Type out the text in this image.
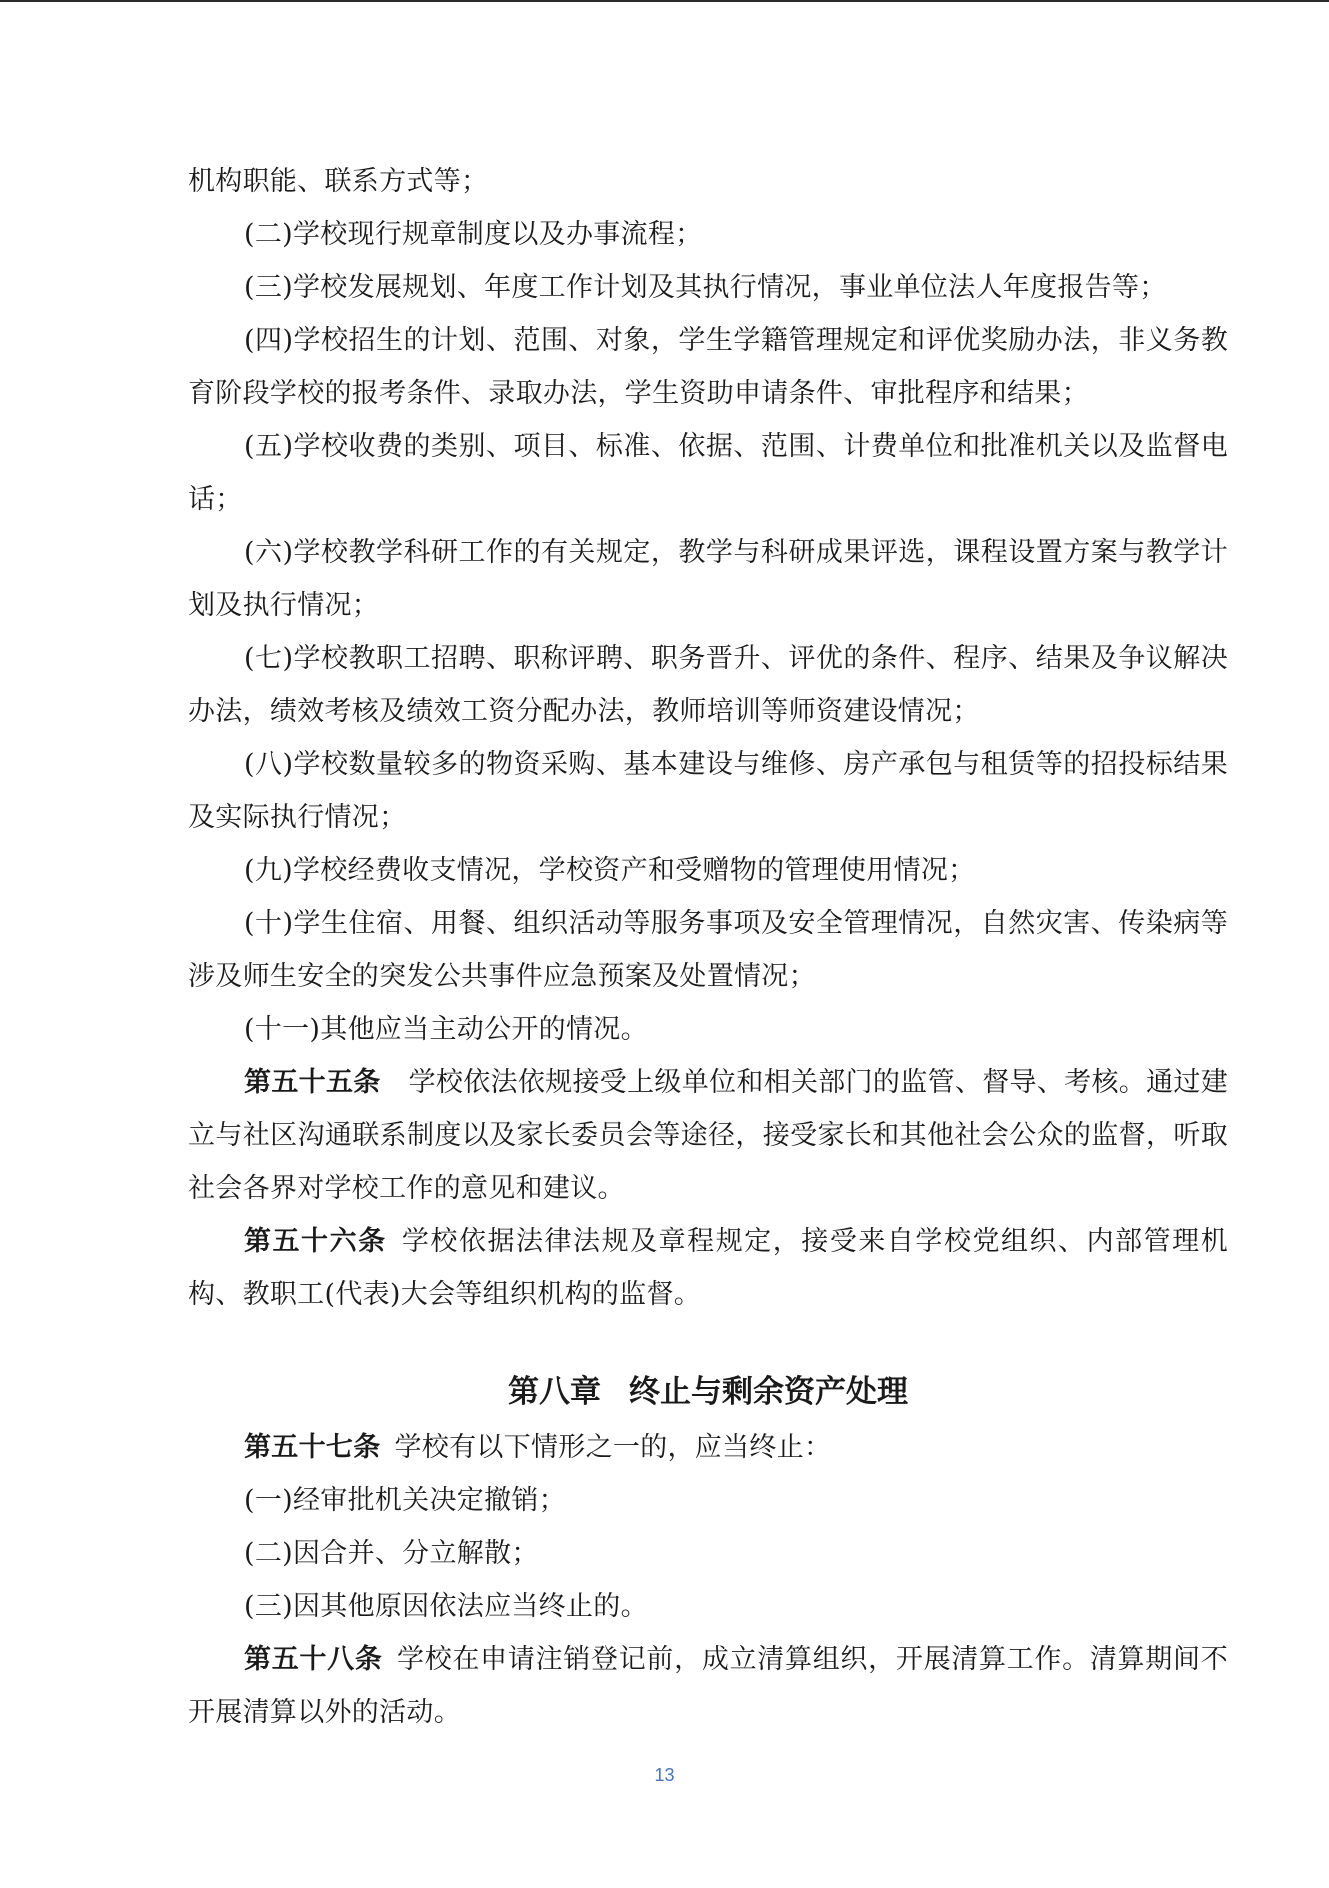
机构职能、联系方式等；

(二)学校现行规章制度以及办事流程；

(三)学校发展规划、年度工作计划及其执行情况，事业单位法人年度报告等；

(四)学校招生的计划、范围、对象，学生学籍管理规定和评优奖励办法，非义务教育阶段学校的报考条件、录取办法，学生资助申请条件、审批程序和结果；

(五)学校收费的类别、项目、标准、依据、范围、计费单位和批准机关以及监督电话；

(六)学校教学科研工作的有关规定，教学与科研成果评选，课程设置方案与教学计划及执行情况；

(七)学校教职工招聘、职称评聘、职务晋升、评优的条件、程序、结果及争议解决办法，绩效考核及绩效工资分配办法，教师培训等师资建设情况；

(八)学校数量较多的物资采购、基本建设与维修、房产承包与租赁等的招投标结果及实际执行情况；

(九)学校经费收支情况，学校资产和受赠物的管理使用情况；

(十)学生住宿、用餐、组织活动等服务事项及安全管理情况，自然灾害、传染病等涉及师生安全的突发公共事件应急预案及处置情况；

(十一)其他应当主动公开的情况。

第五十五条 学校依法依规接受上级单位和相关部门的监管、督导、考核。通过建立与社区沟通联系制度以及家长委员会等途径，接受家长和其他社会公众的监督，听取社会各界对学校工作的意见和建议。

第五十六条 学校依据法律法规及章程规定，接受来自学校党组织、内部管理机构、教职工(代表)大会等组织机构的监督。

第八章 终止与剩余资产处理

第五十七条 学校有以下情形之一的，应当终止：

(一)经审批机关决定撤销；

(二)因合并、分立解散；

(三)因其他原因依法应当终止的。

第五十八条 学校在申请注销登记前，成立清算组织，开展清算工作。清算期间不开展清算以外的活动。

13
